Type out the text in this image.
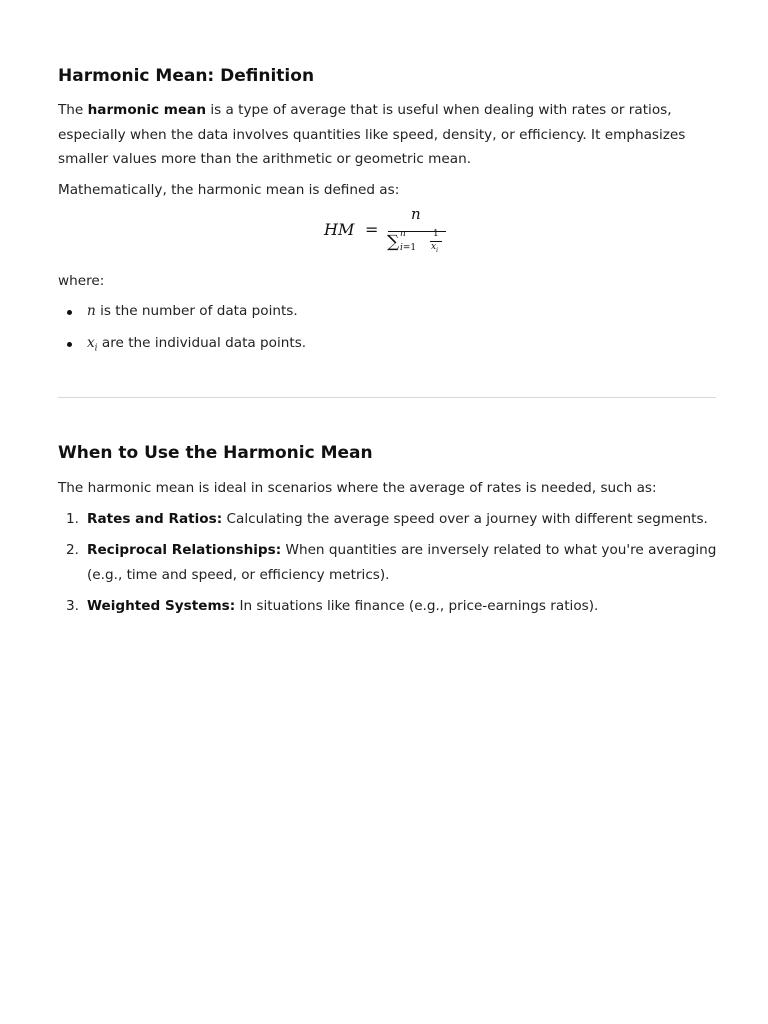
Harmonic Mean: Definition

The harmonic mean is a type of average that is useful when dealing with rates or ratios, especially when the data involves quantities like speed, density, or efficiency. It emphasizes smaller values more than the arithmetic or geometric mean.

Mathematically, the harmonic mean is defined as:

HM =
n
∑ n
i=1
1
$x_i$

where:

n is the number of data points.
$x_i$ are the individual data points.
When to Use the Harmonic Mean

The harmonic mean is ideal in scenarios where the average of rates is needed, such as:

1. Rates and Ratios: Calculating the average speed over a journey with different segments.
2. Reciprocal Relationships: When quantities are inversely related to what you're averaging (e.g., time and speed, or efficiency metrics).
3. Weighted Systems: In situations like finance (e.g., price-earnings ratios).
